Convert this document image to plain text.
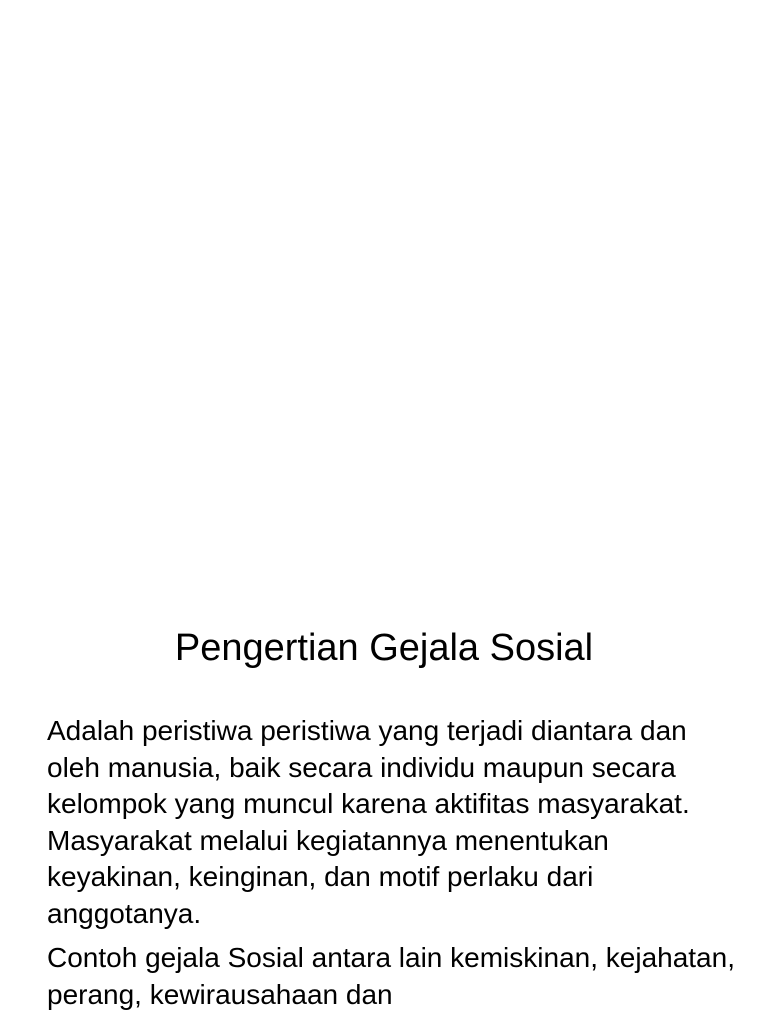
Pengertian Gejala Sosial

Adalah peristiwa peristiwa yang terjadi diantara dan oleh manusia, baik secara individu maupun secara kelompok yang muncul karena aktifitas masyarakat. Masyarakat melalui kegiatannya menentukan keyakinan, keinginan, dan motif perlaku dari anggotanya.

Contoh gejala Sosial antara lain kemiskinan, kejahatan, perang, kewirausahaan dan
